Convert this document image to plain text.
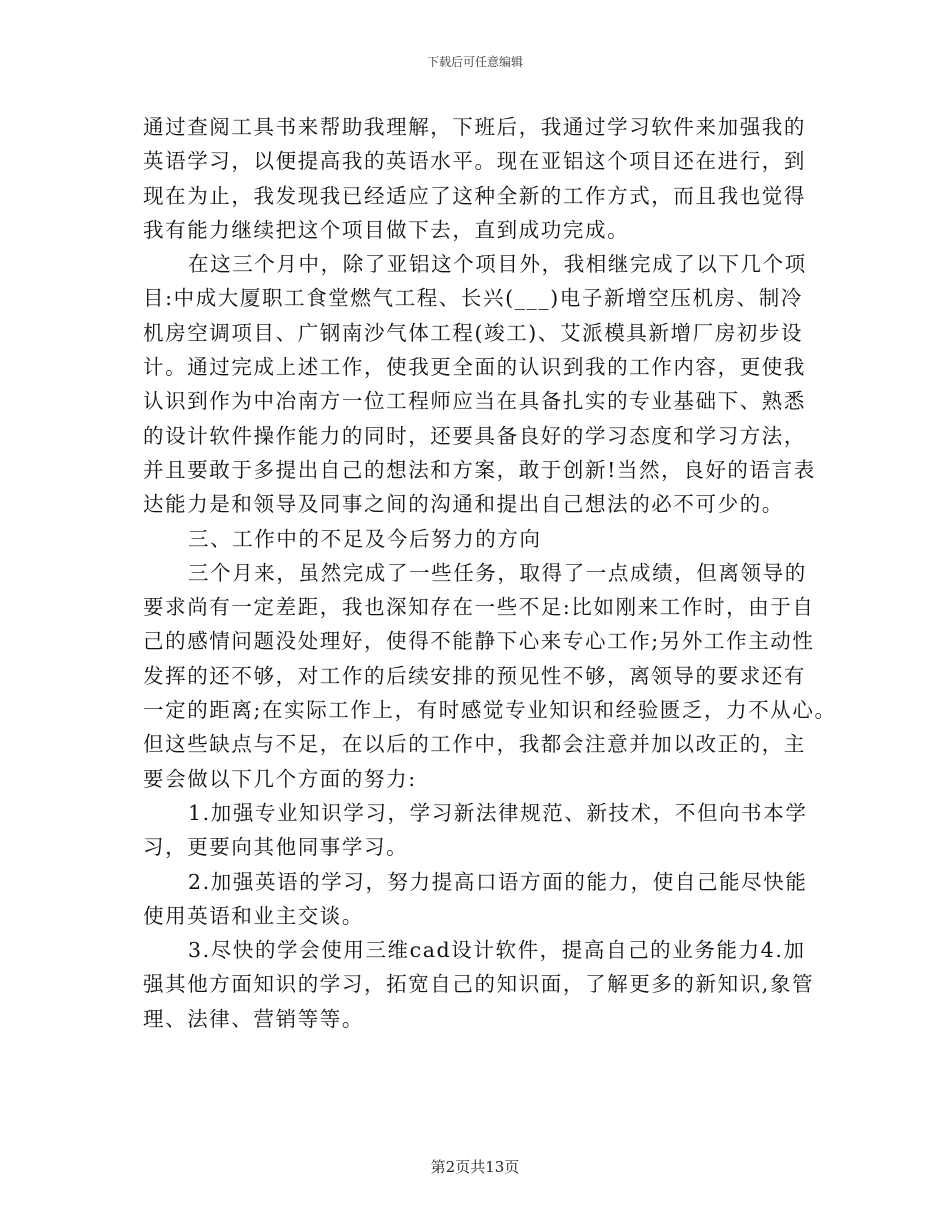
下载后可任意编辑
通过查阅工具书来帮助我理解，下班后，我通过学习软件来加强我的
英语学习，以便提高我的英语水平。现在亚铝这个项目还在进行，到
现在为止，我发现我已经适应了这种全新的工作方式，而且我也觉得
我有能力继续把这个项目做下去，直到成功完成。
在这三个月中，除了亚铝这个项目外，我相继完成了以下几个项
目:中成大厦职工食堂燃气工程、长兴(___)电子新增空压机房、制冷
机房空调项目、广钢南沙气体工程(竣工)、艾派模具新增厂房初步设
计。通过完成上述工作，使我更全面的认识到我的工作内容，更使我
认识到作为中冶南方一位工程师应当在具备扎实的专业基础下、熟悉
的设计软件操作能力的同时，还要具备良好的学习态度和学习方法，
并且要敢于多提出自己的想法和方案，敢于创新!当然，良好的语言表
达能力是和领导及同事之间的沟通和提出自己想法的必不可少的。
三、工作中的不足及今后努力的方向
三个月来，虽然完成了一些任务，取得了一点成绩，但离领导的
要求尚有一定差距，我也深知存在一些不足:比如刚来工作时，由于自
己的感情问题没处理好，使得不能静下心来专心工作;另外工作主动性
发挥的还不够，对工作的后续安排的预见性不够，离领导的要求还有
一定的距离;在实际工作上，有时感觉专业知识和经验匮乏，力不从心。
但这些缺点与不足，在以后的工作中，我都会注意并加以改正的，主
要会做以下几个方面的努力:
1.加强专业知识学习，学习新法律规范、新技术，不但向书本学
习，更要向其他同事学习。
2.加强英语的学习，努力提高口语方面的能力，使自己能尽快能
使用英语和业主交谈。
3.尽快的学会使用三维cad设计软件，提高自己的业务能力4.加
强其他方面知识的学习，拓宽自己的知识面，了解更多的新知识,象管
理、法律、营销等等。
第2页共13页
